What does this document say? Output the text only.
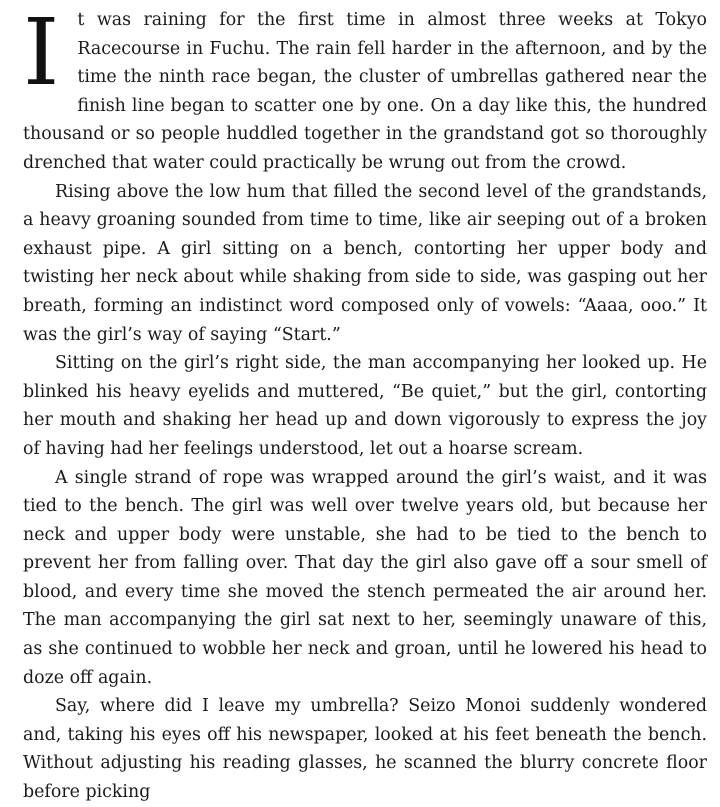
I t was raining for the first time in almost three weeks at Tokyo Racecourse in Fuchu. The rain fell harder in the afternoon, and by the time the ninth race began, the cluster of umbrellas gathered near the finish line began to scatter one by one. On a day like this, the hundred thousand or so people huddled together in the grandstand got so thoroughly drenched that water could practically be wrung out from the crowd.

Rising above the low hum that filled the second level of the grandstands, a heavy groaning sounded from time to time, like air seeping out of a broken exhaust pipe. A girl sitting on a bench, contorting her upper body and twisting her neck about while shaking from side to side, was gasping out her breath, forming an indistinct word composed only of vowels: “Aaaa, ooo.” It was the girl’s way of saying “Start.”

Sitting on the girl’s right side, the man accompanying her looked up. He blinked his heavy eyelids and muttered, “Be quiet,” but the girl, contorting her mouth and shaking her head up and down vigorously to express the joy of having had her feelings understood, let out a hoarse scream.

A single strand of rope was wrapped around the girl’s waist, and it was tied to the bench. The girl was well over twelve years old, but because her neck and upper body were unstable, she had to be tied to the bench to prevent her from falling over. That day the girl also gave off a sour smell of blood, and every time she moved the stench permeated the air around her. The man accompanying the girl sat next to her, seemingly unaware of this, as she continued to wobble her neck and groan, until he lowered his head to doze off again.

Say, where did I leave my umbrella? Seizo Monoi suddenly wondered and, taking his eyes off his newspaper, looked at his feet beneath the bench. Without adjusting his reading glasses, he scanned the blurry concrete floor before picking
